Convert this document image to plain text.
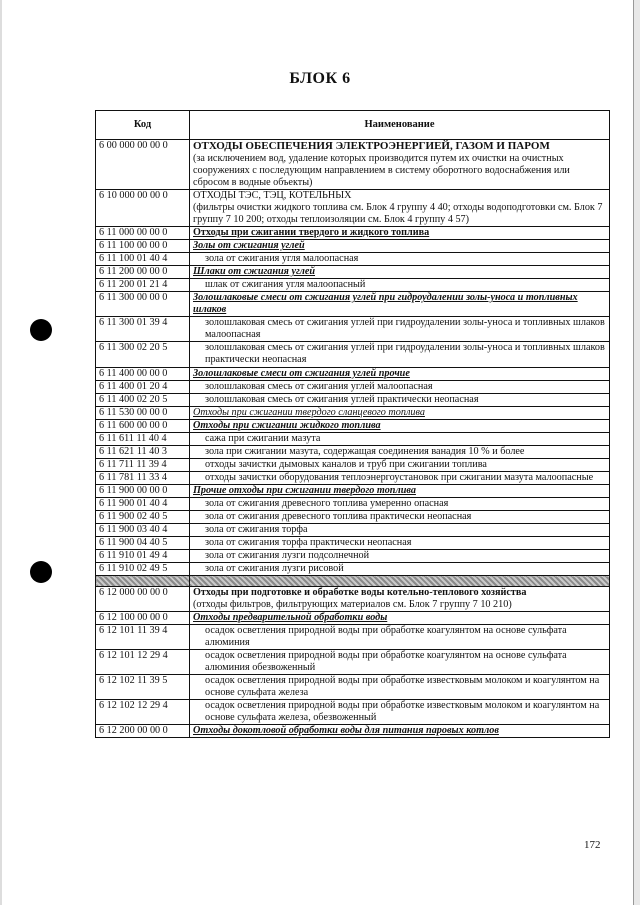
БЛОК 6
Код	Наименование
6 00 000 00 00 0	ОТХОДЫ ОБЕСПЕЧЕНИЯ ЭЛЕКТРОЭНЕРГИЕЙ, ГАЗОМ И ПАРОМ
(за исключением вод, удаление которых производится путем их очистки на очистных сооружениях с последующим направлением в систему оборотного водоснабжения или сбросом в водные объекты)

6 10 000 00 00 0	ОТХОДЫ ТЭС, ТЭЦ, КОТЕЛЬНЫХ
(фильтры очистки жидкого топлива см. Блок 4 группу 4 40; отходы водоподготовки см. Блок 7 группу 7 10 200; отходы теплоизоляции см. Блок 4 группу 4 57)

6 11 000 00 00 0	Отходы при сжигании твердого и жидкого топлива
6 11 100 00 00 0	Золы от сжигания углей
6 11 100 01 40 4	зола от сжигания угля малоопасная
6 11 200 00 00 0	Шлаки от сжигания углей
6 11 200 01 21 4	шлак от сжигания угля малоопасный
6 11 300 00 00 0	Золошлаковые смеси от сжигания углей при гидроудалении золы-уноса и топливных шлаков
6 11 300 01 39 4	золошлаковая смесь от сжигания углей при гидроудалении золы-уноса и топливных шлаков малоопасная
6 11 300 02 20 5	золошлаковая смесь от сжигания углей при гидроудалении золы-уноса и топливных шлаков практически неопасная
6 11 400 00 00 0	Золошлаковые смеси от сжигания углей прочие
6 11 400 01 20 4	золошлаковая смесь от сжигания углей малоопасная
6 11 400 02 20 5	золошлаковая смесь от сжигания углей практически неопасная
6 11 530 00 00 0	Отходы при сжигании твердого сланцевого топлива
6 11 600 00 00 0	Отходы при сжигании жидкого топлива
6 11 611 11 40 4	сажа при сжигании мазута
6 11 621 11 40 3	зола при сжигании мазута, содержащая соединения ванадия 10 % и более
6 11 711 11 39 4	отходы зачистки дымовых каналов и труб при сжигании топлива
6 11 781 11 33 4	отходы зачистки оборудования теплоэнергоустановок при сжигании мазута малоопасные
6 11 900 00 00 0	Прочие отходы при сжигании твердого топлива
6 11 900 01 40 4	зола от сжигания древесного топлива умеренно опасная
6 11 900 02 40 5	зола от сжигания древесного топлива практически неопасная
6 11 900 03 40 4	зола от сжигания торфа
6 11 900 04 40 5	зола от сжигания торфа практически неопасная
6 11 910 01 49 4	зола от сжигания лузги подсолнечной
6 11 910 02 49 5	зола от сжигания лузги рисовой

6 12 000 00 00 0	Отходы при подготовке и обработке воды котельно-теплового хозяйства
(отходы фильтров, фильтрующих материалов см. Блок 7 группу 7 10 210)

6 12 100 00 00 0	Отходы предварительной обработки воды
6 12 101 11 39 4	осадок осветления природной воды при обработке коагулянтом на основе сульфата алюминия
6 12 101 12 29 4	осадок осветления природной воды при обработке коагулянтом на основе сульфата алюминия обезвоженный
6 12 102 11 39 5	осадок осветления природной воды при обработке известковым молоком и коагулянтом на основе сульфата железа
6 12 102 12 29 4	осадок осветления природной воды при обработке известковым молоком и коагулянтом на основе сульфата железа, обезвоженный
6 12 200 00 00 0	Отходы докотловой обработки воды для питания паровых котлов
172
